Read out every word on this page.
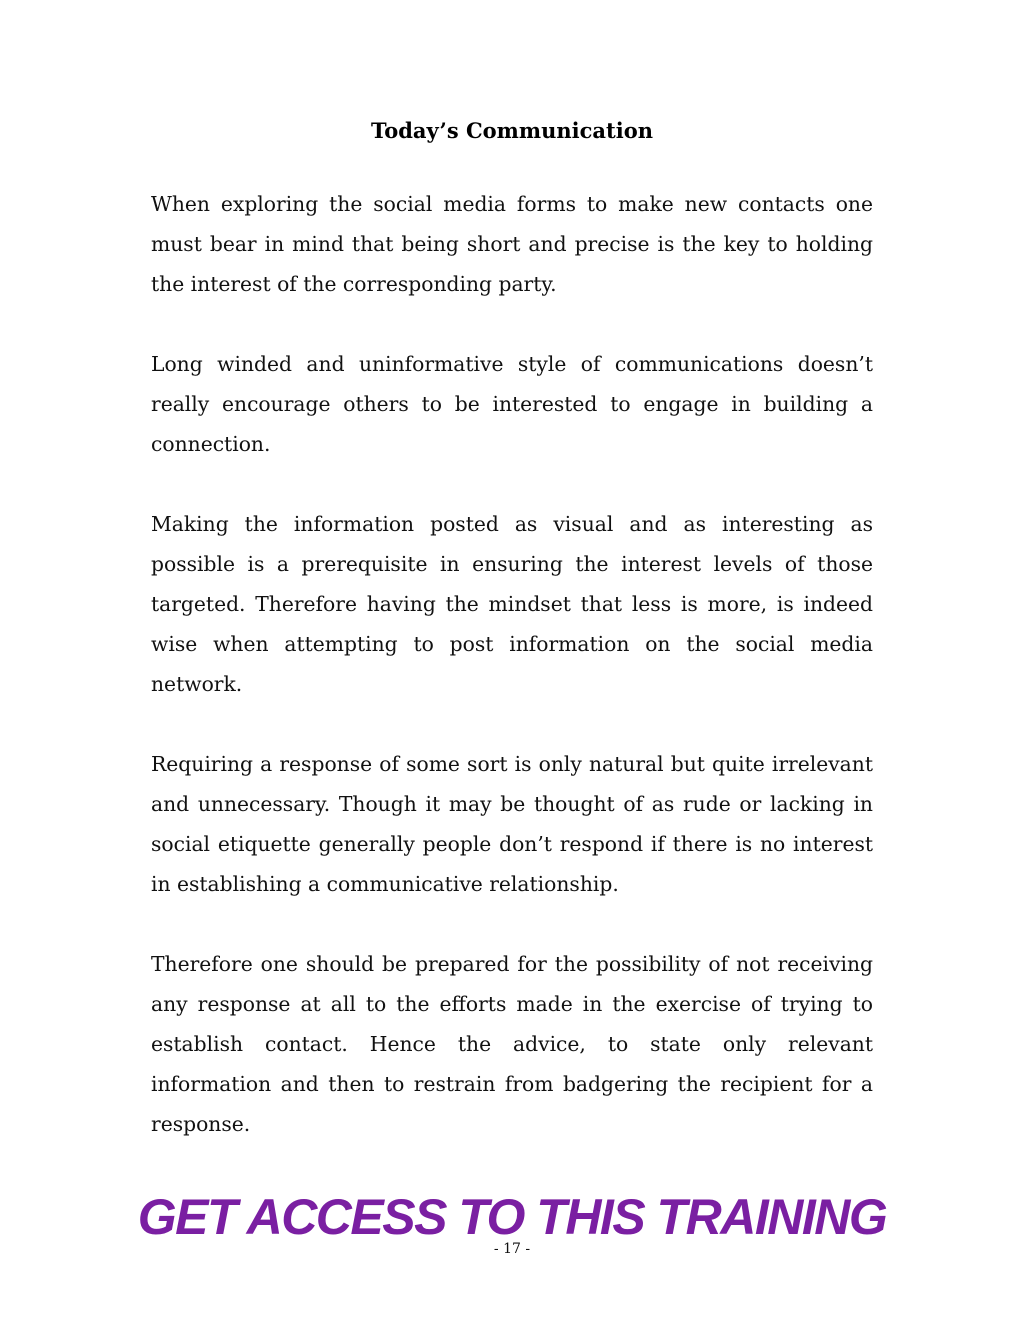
Today’s Communication

When exploring the social media forms to make new contacts one must bear in mind that being short and precise is the key to holding the interest of the corresponding party.

Long winded and uninformative style of communications doesn’t really encourage others to be interested to engage in building a connection.

Making the information posted as visual and as interesting as possible is a prerequisite in ensuring the interest levels of those targeted. Therefore having the mindset that less is more, is indeed wise when attempting to post information on the social media network.

Requiring a response of some sort is only natural but quite irrelevant and unnecessary. Though it may be thought of as rude or lacking in social etiquette generally people don’t respond if there is no interest in establishing a communicative relationship.

Therefore one should be prepared for the possibility of not receiving any response at all to the efforts made in the exercise of trying to establish contact. Hence the advice, to state only relevant information and then to restrain from badgering the recipient for a response.

GET ACCESS TO THIS TRAINING
- 17 -
